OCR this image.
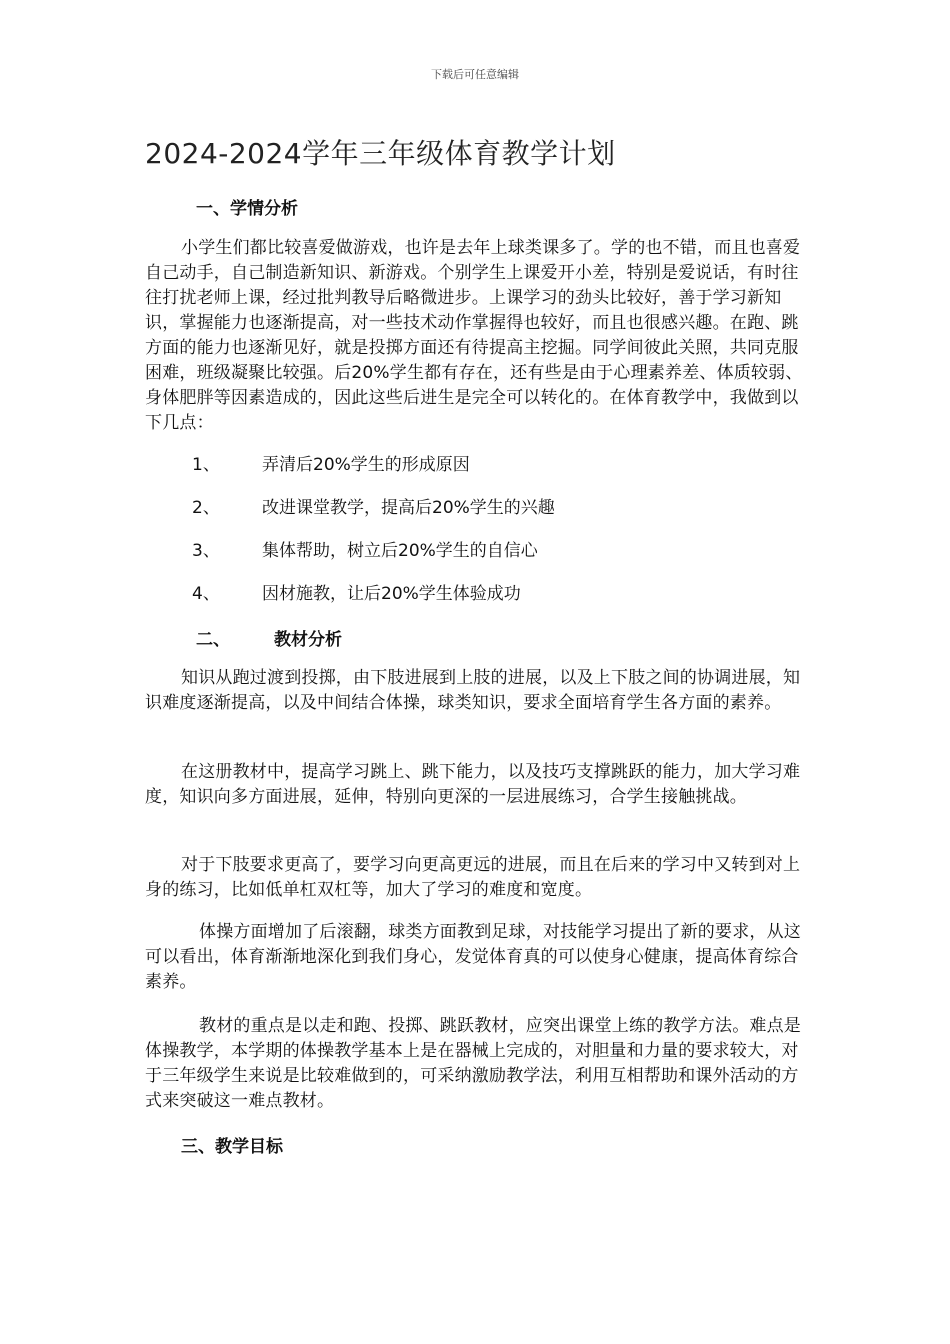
下载后可任意编辑
2024-2024学年三年级体育教学计划
一、学情分析

小学生们都比较喜爱做游戏，也许是去年上球类课多了。学的也不错，而且也喜爱自己动手，自己制造新知识、新游戏。个别学生上课爱开小差，特别是爱说话，有时往往打扰老师上课，经过批判教导后略微进步。上课学习的劲头比较好，善于学习新知识，掌握能力也逐渐提高，对一些技术动作掌握得也较好，而且也很感兴趣。在跑、跳方面的能力也逐渐见好，就是投掷方面还有待提高主挖掘。同学间彼此关照，共同克服困难，班级凝聚比较强。后20%学生都有存在，还有些是由于心理素养差、体质较弱、身体肥胖等因素造成的，因此这些后进生是完全可以转化的。在体育教学中，我做到以下几点：

1、 弄清后20%学生的形成原因
2、 改进课堂教学，提高后20%学生的兴趣
3、 集体帮助，树立后20%学生的自信心
4、 因材施教，让后20%学生体验成功
二、	教材分析

知识从跑过渡到投掷，由下肢进展到上肢的进展，以及上下肢之间的协调进展，知识难度逐渐提高，以及中间结合体操，球类知识，要求全面培育学生各方面的素养。

在这册教材中，提高学习跳上、跳下能力，以及技巧支撑跳跃的能力，加大学习难度，知识向多方面进展，延伸，特别向更深的一层进展练习，合学生接触挑战。

对于下肢要求更高了，要学习向更高更远的进展，而且在后来的学习中又转到对上身的练习，比如低单杠双杠等，加大了学习的难度和宽度。

体操方面增加了后滚翻，球类方面教到足球，对技能学习提出了新的要求，从这可以看出，体育渐渐地深化到我们身心，发觉体育真的可以使身心健康，提高体育综合素养。

教材的重点是以走和跑、投掷、跳跃教材，应突出课堂上练的教学方法。难点是体操教学，本学期的体操教学基本上是在器械上完成的，对胆量和力量的要求较大，对于三年级学生来说是比较难做到的，可采纳激励教学法，利用互相帮助和课外活动的方式来突破这一难点教材。

三、教学目标
